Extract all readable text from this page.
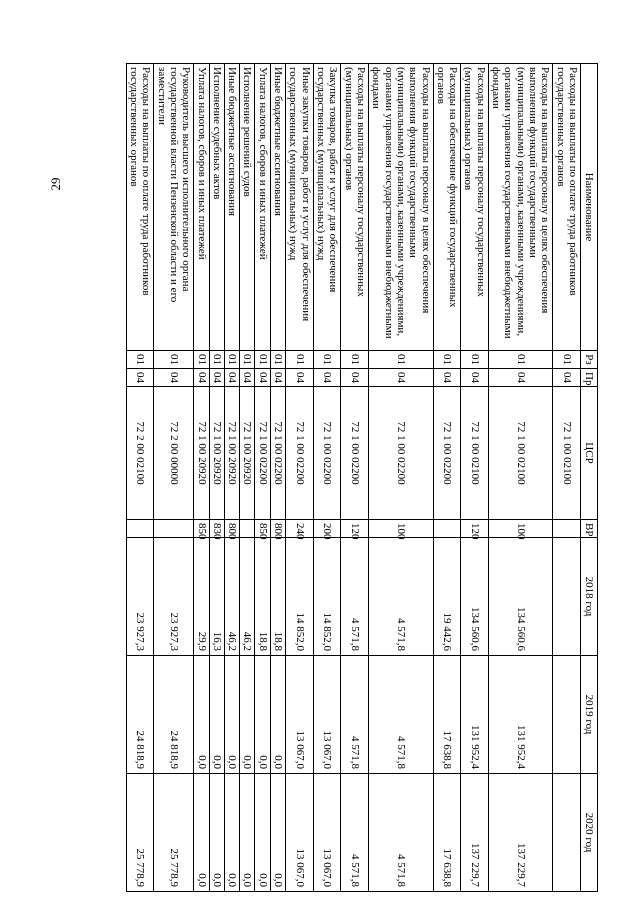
29	Наименование	Рз	Пр	ЦСР	ВР	2018 год	2019 год	2020 год
Расходы на выплаты по оплате труда работников государственных органов	01	04	72 1 00 02100				
Расходы на выплаты персоналу в целях обеспечения выполнения функций государственными (муниципальными) органами, казенными учреждениями, органами управления государственными внебюджетными фондами	01	04	72 1 00 02100	100	134 560,6	131 952,4	137 229,7
Расходы на выплаты персоналу государственных (муниципальных) органов	01	04	72 1 00 02100	120	134 560,6	131 952,4	137 229,7
Расходы на обеспечение функций государственных органов	01	04	72 1 00 02200		19 442,6	17 638,8	17 638,8
Расходы на выплаты персоналу в целях обеспечения выполнения функций государственными (муниципальными) органами, казенными учреждениями, органами управления государственными внебюджетными фондами	01	04	72 1 00 02200	100	4 571,8	4 571,8	4 571,8
Расходы на выплаты персоналу государственных (муниципальных) органов	01	04	72 1 00 02200	120	4 571,8	4 571,8	4 571,8
Закупка товаров, работ и услуг для обеспечения государственных (муниципальных) нужд	01	04	72 1 00 02200	200	14 852,0	13 067,0	13 067,0
Иные закупки товаров, работ и услуг для обеспечения государственных (муниципальных) нужд	01	04	72 1 00 02200	240	14 852,0	13 067,0	13 067,0
Иные бюджетные ассигнования	01	04	72 1 00 02200	800	18,8	0,0	0,0
Уплата налогов, сборов и иных платежей	01	04	72 1 00 02200	850	18,8	0,0	0,0
Исполнение решений судов	01	04	72 1 00 20920		46,2	0,0	0,0
Иные бюджетные ассигнования	01	04	72 1 00 20920	800	46,2	0,0	0,0
Исполнение судебных актов	01	04	72 1 00 20920	830	16,3	0,0	0,0
Уплата налогов, сборов и иных платежей	01	04	72 1 00 20920	850	29,9	0,0	0,0
Руководитель высшего исполнительного органа государственной власти Пензенской области и его заместители	01	04	72 2 00 00000		23 927,3	24 818,9	25 778,9
Расходы на выплаты по оплате труда работников государственных органов	01	04	72 2 00 02100		23 927,3	24 818,9	25 778,9
